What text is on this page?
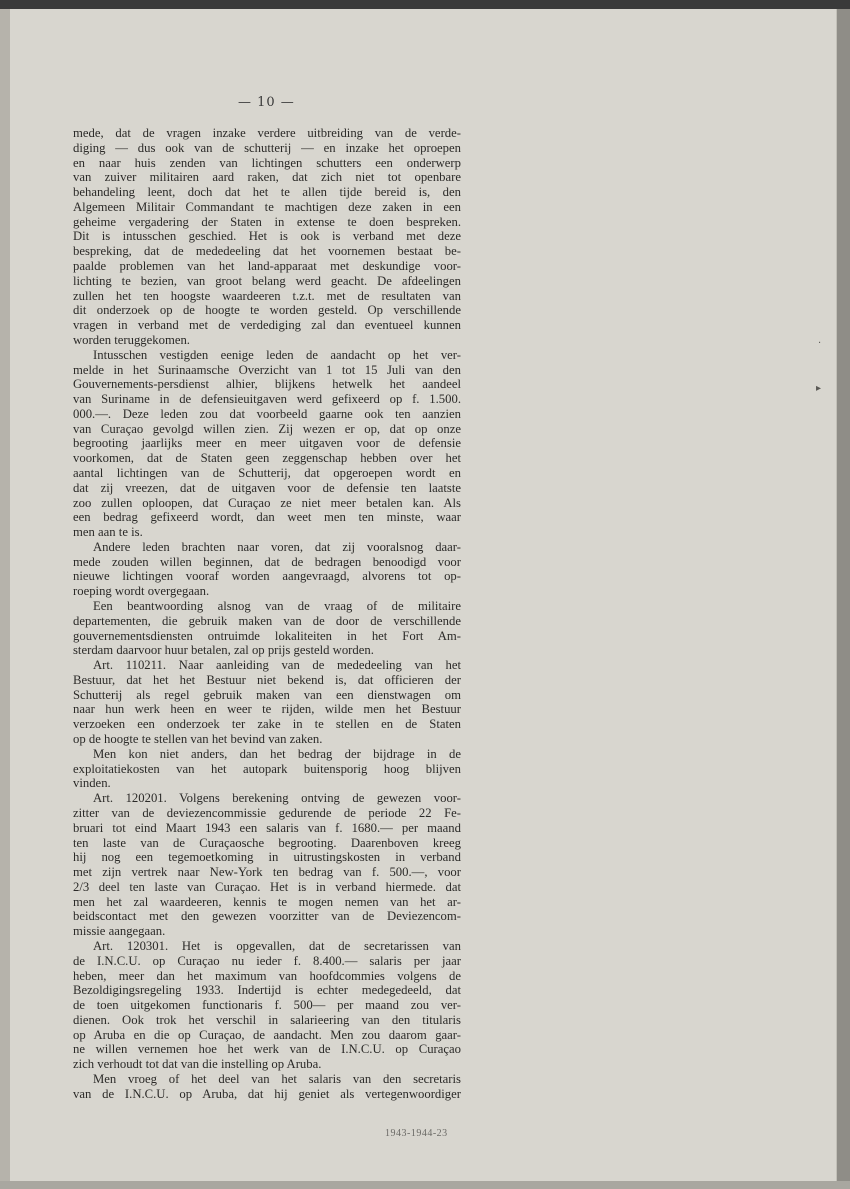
— 10 —
mede, dat de vragen inzake verdere uitbreiding van de verde-
diging — dus ook van de schutterij — en inzake het oproepen
en naar huis zenden van lichtingen schutters een onderwerp
van zuiver militairen aard raken, dat zich niet tot openbare
behandeling leent, doch dat het te allen tijde bereid is, den
Algemeen Militair Commandant te machtigen deze zaken in een
geheime vergadering der Staten in extense te doen bespreken.
Dit is intusschen geschied. Het is ook is verband met deze
bespreking, dat de mededeeling dat het voornemen bestaat be-
paalde problemen van het land-apparaat met deskundige voor-
lichting te bezien, van groot belang werd geacht. De afdeelingen
zullen het ten hoogste waardeeren t.z.t. met de resultaten van
dit onderzoek op de hoogte te worden gesteld. Op verschillende
vragen in verband met de verdediging zal dan eventueel kunnen
worden teruggekomen.
Intusschen vestigden eenige leden de aandacht op het ver-
melde in het Surinaamsche Overzicht van 1 tot 15 Juli van den
Gouvernements-persdienst alhier, blijkens hetwelk het aandeel
van Suriname in de defensieuitgaven werd gefixeerd op f. 1.500.
000.—. Deze leden zou dat voorbeeld gaarne ook ten aanzien
van Curaçao gevolgd willen zien. Zij wezen er op, dat op onze
begrooting jaarlijks meer en meer uitgaven voor de defensie
voorkomen, dat de Staten geen zeggenschap hebben over het
aantal lichtingen van de Schutterij, dat opgeroepen wordt en
dat zij vreezen, dat de uitgaven voor de defensie ten laatste
zoo zullen oploopen, dat Curaçao ze niet meer betalen kan. Als
een bedrag gefixeerd wordt, dan weet men ten minste, waar
men aan te is.
Andere leden brachten naar voren, dat zij vooralsnog daar-
mede zouden willen beginnen, dat de bedragen benoodigd voor
nieuwe lichtingen vooraf worden aangevraagd, alvorens tot op-
roeping wordt overgegaan.
Een beantwoording alsnog van de vraag of de militaire
departementen, die gebruik maken van de door de verschillende
gouvernementsdiensten ontruimde lokaliteiten in het Fort Am-
sterdam daarvoor huur betalen, zal op prijs gesteld worden.
Art. 110211. Naar aanleiding van de mededeeling van het
Bestuur, dat het het Bestuur niet bekend is, dat officieren der
Schutterij als regel gebruik maken van een dienstwagen om
naar hun werk heen en weer te rijden, wilde men het Bestuur
verzoeken een onderzoek ter zake in te stellen en de Staten
op de hoogte te stellen van het bevind van zaken.
Men kon niet anders, dan het bedrag der bijdrage in de
exploitatiekosten van het autopark buitensporig hoog blijven
vinden.
Art. 120201. Volgens berekening ontving de gewezen voor-
zitter van de deviezencommissie gedurende de periode 22 Fe-
bruari tot eind Maart 1943 een salaris van f. 1680.— per maand
ten laste van de Curaçaosche begrooting. Daarenboven kreeg
hij nog een tegemoetkoming in uitrustingskosten in verband
met zijn vertrek naar New-York ten bedrag van f. 500.—, voor
2/3 deel ten laste van Curaçao. Het is in verband hiermede. dat
men het zal waardeeren, kennis te mogen nemen van het ar-
beidscontact met den gewezen voorzitter van de Deviezencom-
missie aangegaan.
Art. 120301. Het is opgevallen, dat de secretarissen van
de I.N.C.U. op Curaçao nu ieder f. 8.400.— salaris per jaar
heben, meer dan het maximum van hoofdcommies volgens de
Bezoldigingsregeling 1933. Indertijd is echter medegedeeld, dat
de toen uitgekomen functionaris f. 500— per maand zou ver-
dienen. Ook trok het verschil in salarieering van den titularis
op Aruba en die op Curaçao, de aandacht. Men zou daarom gaar-
ne willen vernemen hoe het werk van de I.N.C.U. op Curaçao
zich verhoudt tot dat van die instelling op Aruba.
Men vroeg of het deel van het salaris van den secretaris
van de I.N.C.U. op Aruba, dat hij geniet als vertegenwoordiger
1943-1944-23
·
▸
